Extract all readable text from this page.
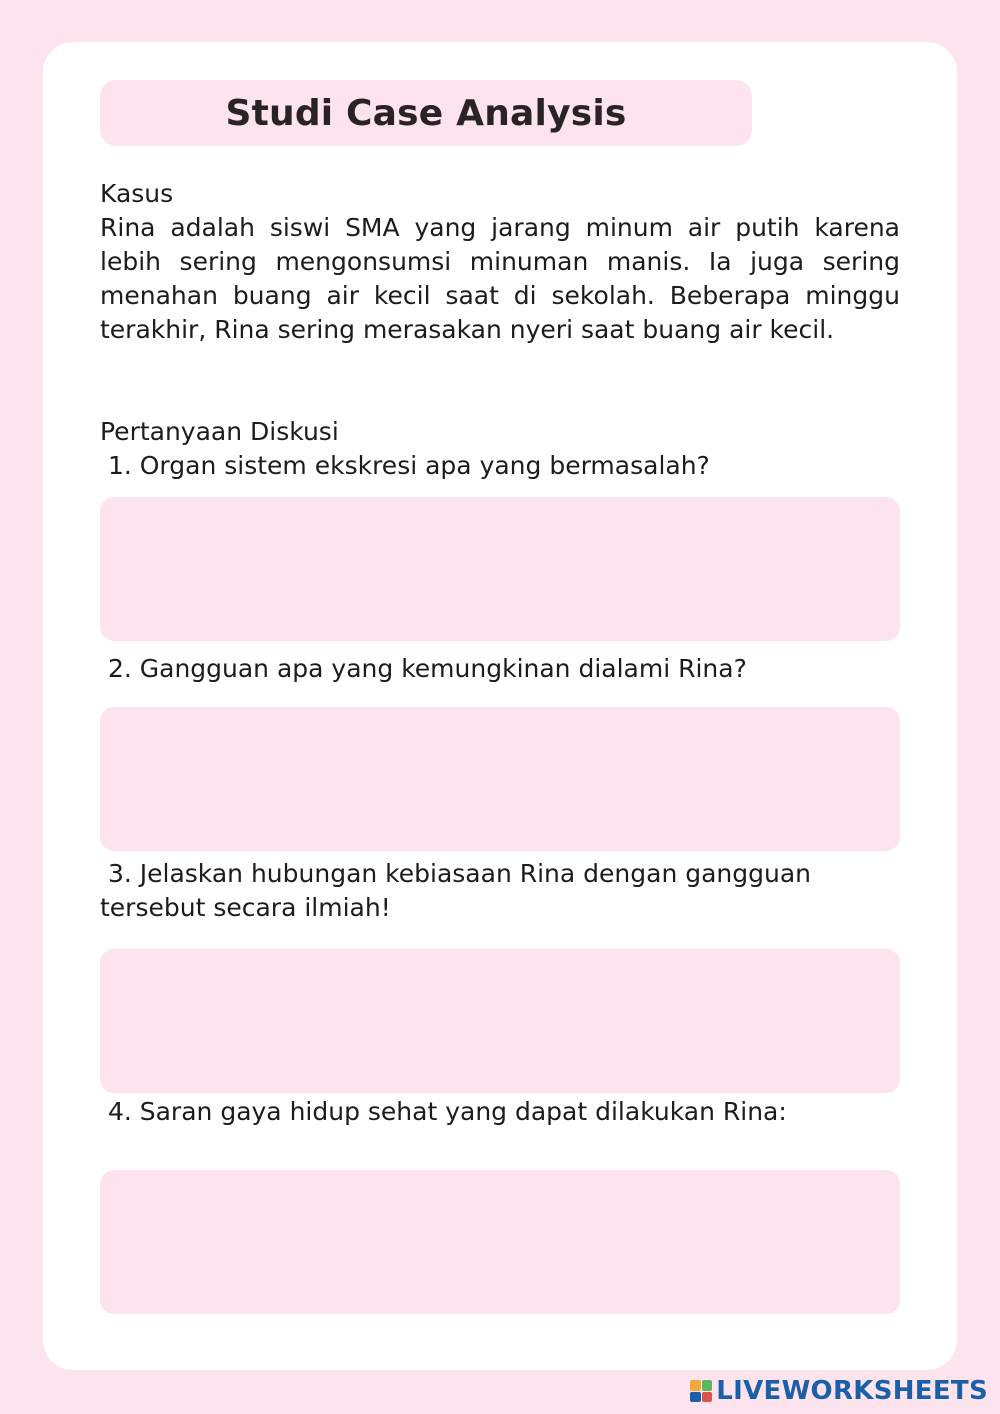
Studi Case Analysis
Kasus
Rina adalah siswi SMA yang jarang minum air putih karena lebih sering mengonsumsi minuman manis. Ia juga sering menahan buang air kecil saat di sekolah. Beberapa minggu terakhir, Rina sering merasakan nyeri saat buang air kecil.
Pertanyaan Diskusi
1. Organ sistem ekskresi apa yang bermasalah?
2. Gangguan apa yang kemungkinan dialami Rina?
3. Jelaskan hubungan kebiasaan Rina dengan gangguan tersebut secara ilmiah!
4. Saran gaya hidup sehat yang dapat dilakukan Rina:
LIVEWORKSHEETS
